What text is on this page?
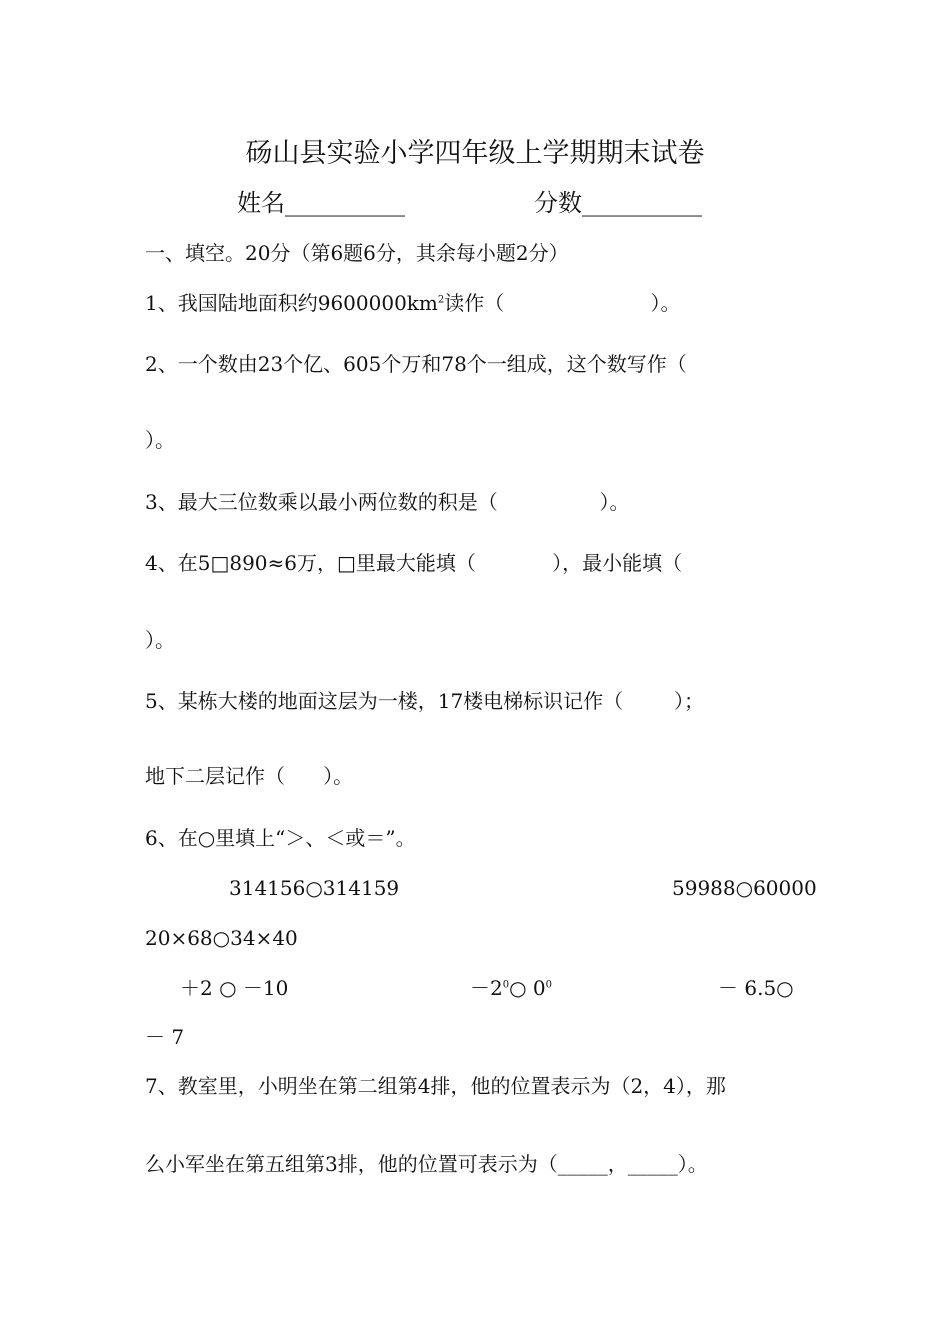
砀山县实验小学四年级上学期期末试卷
姓名__________	分数__________
一、填空。20分（第6题6分，其余每小题2分）
1、我国陆地面积约$9600000km^2$读作（                       ）。
2、一个数由23个亿、605个万和78个一组成，这个数写作（
）。
3、最大三位数乘以最小两位数的积是（                ）。
4、在5□890≈6万，□里最大能填（            ），最小能填（
）。
5、某栋大楼的地面这层为一楼，17楼电梯标识记作（        ）；
地下二层记作（      ）。
6、在○里填上“＞、＜或＝”。
314156○314159	59988○60000
20×68○34×40
＋2 ○ －10	$-2^0○$ $0^0$	－ 6.5○
－ 7
7、教室里，小明坐在第二组第4排，他的位置表示为（2，4），那
么小军坐在第五组第3排，他的位置可表示为（_____，_____）。
